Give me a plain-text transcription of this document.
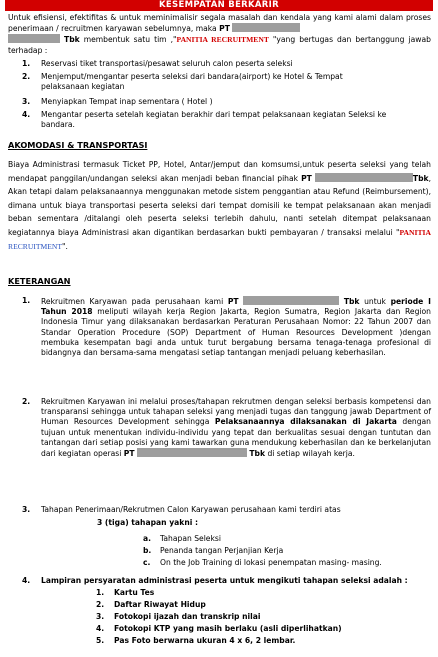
KESEMPATAN BERKARIR
Untuk efisiensi, efektifitas & untuk meminimalisir segala masalah dan kendala yang kami alami dalam proses penerimaan / recruitmen karyawan sebelumnya, maka PT
Tbk membentuk satu tim ,"PANITIA RECRUITMENT "yang bertugas dan bertanggung jawab terhadap :
1. Reservasi tiket transportasi/pesawat seluruh calon peserta seleksi
2. Menjemput/mengantar peserta seleksi dari bandara(airport) ke Hotel & Tempat pelaksanaan kegiatan
3. Menyiapkan Tempat inap sementara ( Hotel )
4. Mengantar peserta setelah kegiatan berakhir dari tempat pelaksanaan kegiatan Seleksi ke bandara.
AKOMODASI & TRANSPORTASI
Biaya Administrasi termasuk Ticket PP, Hotel, Antar/jemput dan komsumsi,untuk peserta seleksi yang telah mendapat panggilan/undangan seleksi akan menjadi beban financial pihak PT	Tbk, Akan tetapi dalam pelaksanaannya menggunakan metode sistem penggantian atau Refund (Reimbursement), dimana untuk biaya transportasi peserta seleksi dari tempat domisili ke tempat pelaksanaan akan menjadi beban sementara /ditalangi oleh peserta seleksi terlebih dahulu, nanti setelah ditempat pelaksanaan kegiatannya biaya Administrasi akan digantikan berdasarkan bukti pembayaran / transaksi melalui "PANITIA RECRUITMENT".
KETERANGAN
1. Rekruitmen Karyawan pada perusahaan kami PT	Tbk untuk periode I Tahun 2018 meliputi wilayah kerja Region Jakarta, Region Sumatra, Region Jakarta dan Region Indonesia Timur yang dilaksanakan berdasarkan Peraturan Perusahaan Nomor: 22 Tahun 2007 dan Standar Operation Procedure (SOP) Department of Human Resources Development )dengan membuka kesempatan bagi anda untuk turut bergabung bersama tenaga-tenaga profesional di bidangnya dan bersama-sama mengatasi setiap tantangan menjadi peluang keberhasilan.
2. Rekruitmen Karyawan ini melalui proses/tahapan rekrutmen dengan seleksi berbasis kompetensi dan transparansi sehingga untuk tahapan seleksi yang menjadi tugas dan tanggung jawab Department of Human Resources Development sehingga Pelaksanaannya dilaksanakan di Jakarta dengan tujuan untuk menentukan individu-individu yang tepat dan berkualitas sesuai dengan tuntutan dan tantangan dari setiap posisi yang kami tawarkan guna mendukung keberhasilan dan ke berkelanjutan dari kegiatan operasi PT	Tbk di setiap wilayah kerja.
3. Tahapan Penerimaan/Rekrutmen Calon Karyawan perusahaan kami terdiri atas
3 (tiga) tahapan yakni :
a. Tahapan Seleksi
b. Penanda tangan Perjanjian Kerja
c. On the Job Training di lokasi penempatan masing- masing.
4. Lampiran persyaratan administrasi peserta untuk mengikuti tahapan seleksi adalah :
1. Kartu Tes
2. Daftar Riwayat Hidup
3. Fotokopi ijazah dan transkrip nilai
4. Fotokopi KTP yang masih berlaku (asli diperlihatkan)
5. Pas Foto berwarna ukuran 4 x 6, 2 lembar.
